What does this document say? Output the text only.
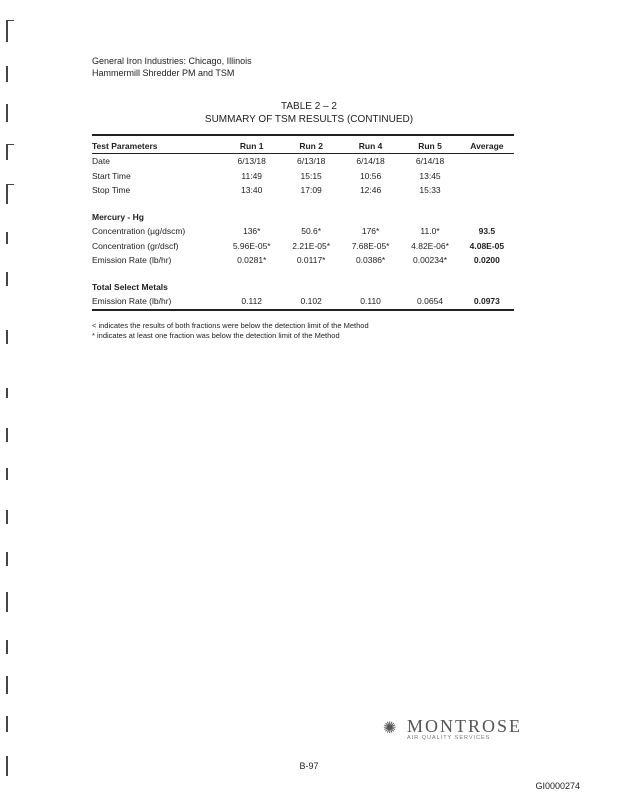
General Iron Industries: Chicago, Illinois
Hammermill Shredder PM and TSM
TABLE 2 – 2
SUMMARY OF TSM RESULTS (CONTINUED)
Test Parameters	Run 1	Run 2	Run 4	Run 5	Average
Date	6/13/18	6/13/18	6/14/18	6/14/18	
Start Time	11:49	15:15	10:56	13:45	
Stop Time	13:40	17:09	12:46	15:33	

Mercury - Hg					
Concentration (µg/dscm)	136*	50.6*	176*	11.0*	93.5
Concentration (gr/dscf)	5.96E-05*	2.21E-05*	7.68E-05*	4.82E-06*	4.08E-05
Emission Rate (lb/hr)	0.0281*	0.0117*	0.0386*	0.00234*	0.0200

Total Select Metals					
Emission Rate (lb/hr)	0.112	0.102	0.110	0.0654	0.0973
< indicates the results of both fractions were below the detection limit of the Method
* indicates at least one fraction was below the detection limit of the Method
✺ MONTROSE
AIR QUALITY SERVICES
B-97
GI0000274
